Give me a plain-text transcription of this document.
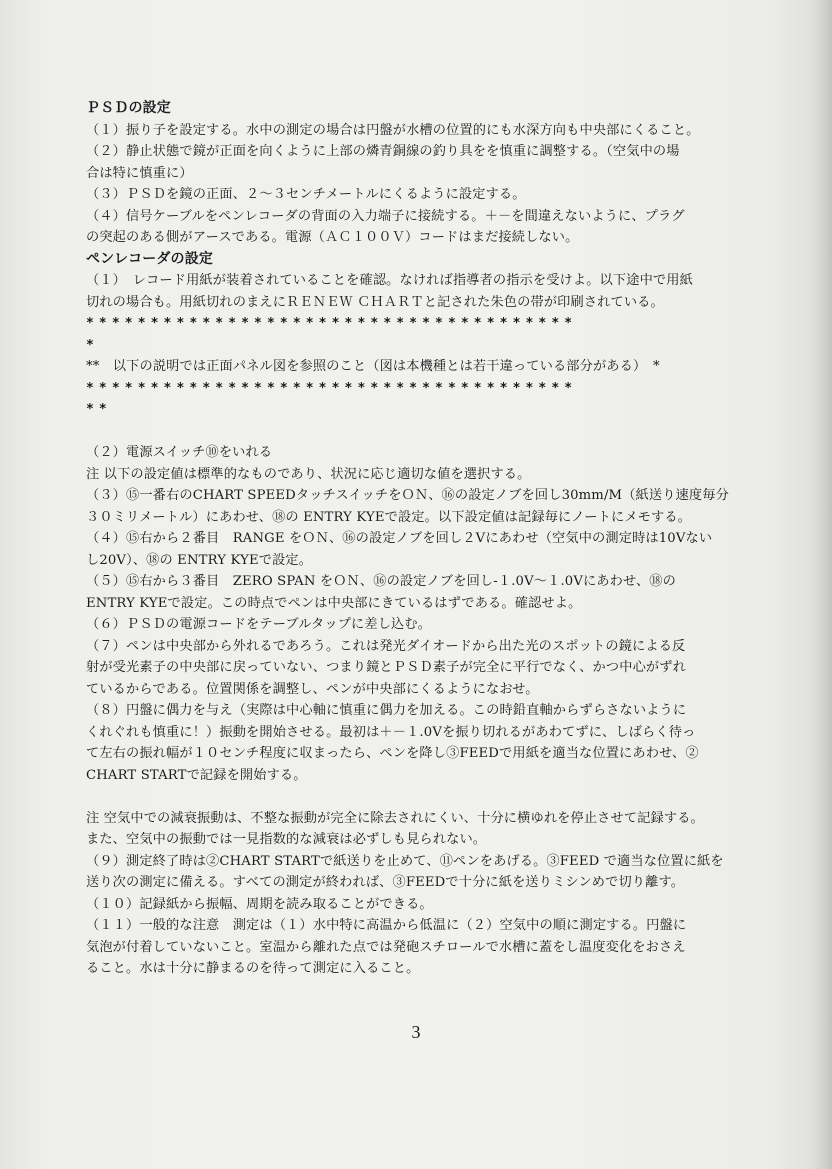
ＰＳＤの設定
（１）振り子を設定する。水中の測定の場合は円盤が水槽の位置的にも水深方向も中央部にくること。
（２）静止状態で鏡が正面を向くように上部の燐青銅線の釣り具をを慎重に調整する。（空気中の場
合は特に慎重に）
（３）ＰＳＤを鏡の正面、２～３センチメートルにくるように設定する。
（４）信号ケーブルをペンレコーダの背面の入力端子に接続する。＋－を間違えないように、プラグ
の突起のある側がアースである。電源（ＡＣ１００Ｖ）コードはまだ接続しない。
ペンレコーダの設定
（１）　レコード用紙が装着されていることを確認。なければ指導者の指示を受けよ。以下途中で用紙
切れの場合も。用紙切れのまえにＲＥＮＥＷ ＣＨＡＲＴと記された朱色の帯が印刷されている。
**************************************
*
**　以下の説明では正面パネル図を参照のこと（図は本機種とは若干違っている部分がある）　*
**************************************
**
（２）電源スイッチ⑩をいれる
注 以下の設定値は標準的なものであり、状況に応じ適切な値を選択する。
（３）⑮一番右のCHART SPEEDタッチスイッチをＯＮ、⑯の設定ノブを回し30mm/M（紙送り速度毎分
３０ミリメートル）にあわせ、⑱の ENTRY KYEで設定。以下設定値は記録毎にノートにメモする。
（４）⑮右から２番目　RANGE をＯＮ、⑯の設定ノブを回し２Vにあわせ（空気中の測定時は10Vない
し20V）、⑱の ENTRY KYEで設定。
（５）⑮右から３番目　ZERO SPAN をＯＮ、⑯の設定ノブを回し-１.0V～１.0Vにあわせ、⑱の
ENTRY KYEで設定。この時点でペンは中央部にきているはずである。確認せよ。
（６）ＰＳＤの電源コードをテーブルタップに差し込む。
（７）ペンは中央部から外れるであろう。これは発光ダイオードから出た光のスポットの鏡による反
射が受光素子の中央部に戻っていない、つまり鏡とＰＳＤ素子が完全に平行でなく、かつ中心がずれ
ているからである。位置関係を調整し、ペンが中央部にくるようになおせ。
（８）円盤に偶力を与え（実際は中心軸に慎重に偶力を加える。この時鉛直軸からずらさないように
くれぐれも慎重に！）振動を開始させる。最初は＋－１.0Vを振り切れるがあわてずに、しばらく待っ
て左右の振れ幅が１０センチ程度に収まったら、ペンを降し③FEEDで用紙を適当な位置にあわせ、②
CHART STARTで記録を開始する。
注 空気中での減衰振動は、不整な振動が完全に除去されにくい、十分に横ゆれを停止させて記録する。
また、空気中の振動では一見指数的な減衰は必ずしも見られない。
（９）測定終了時は②CHART STARTで紙送りを止めて、⑪ペンをあげる。③FEED で適当な位置に紙を
送り次の測定に備える。すべての測定が終われば、③FEEDで十分に紙を送りミシンめで切り離す。
（１０）記録紙から振幅、周期を読み取ることができる。
（１１）一般的な注意　測定は（１）水中特に高温から低温に（２）空気中の順に測定する。円盤に
気泡が付着していないこと。室温から離れた点では発砲スチロールで水槽に蓋をし温度変化をおさえ
ること。水は十分に静まるのを待って測定に入ること。
3
